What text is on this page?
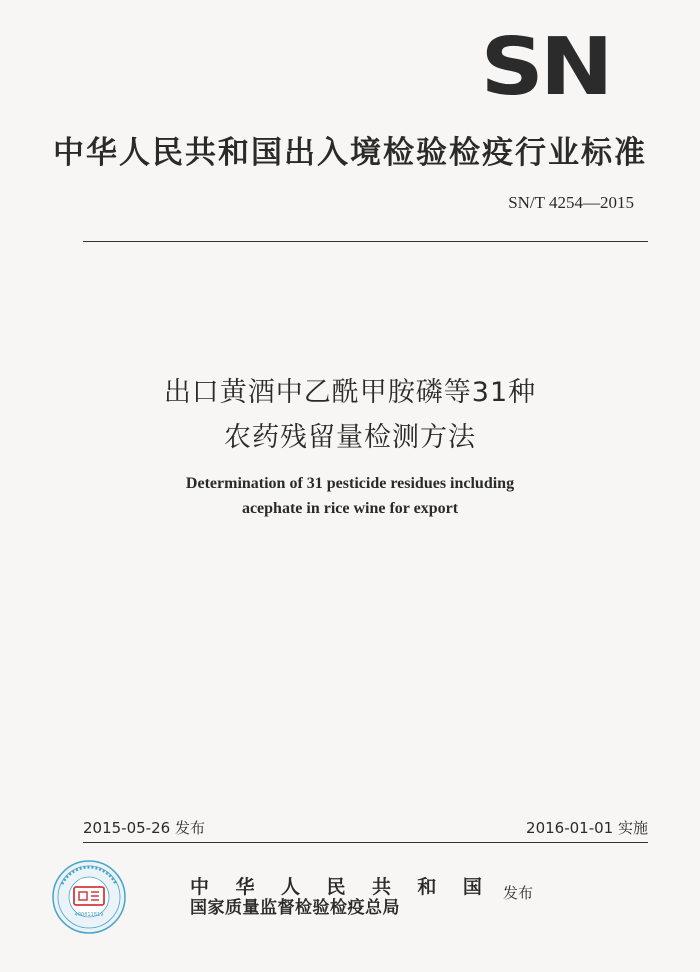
SN
中华人民共和国出入境检验检疫行业标准
SN/T 4254—2015
出口黄酒中乙酰甲胺磷等31种
农药残留量检测方法
Determination of 31 pesticide residues including
acephate in rice wine for export
2015-05-26 发布	2016-01-01 实施
400811819
中 华 人 民 共 和 国
国家质量监督检验检疫总局
发布
